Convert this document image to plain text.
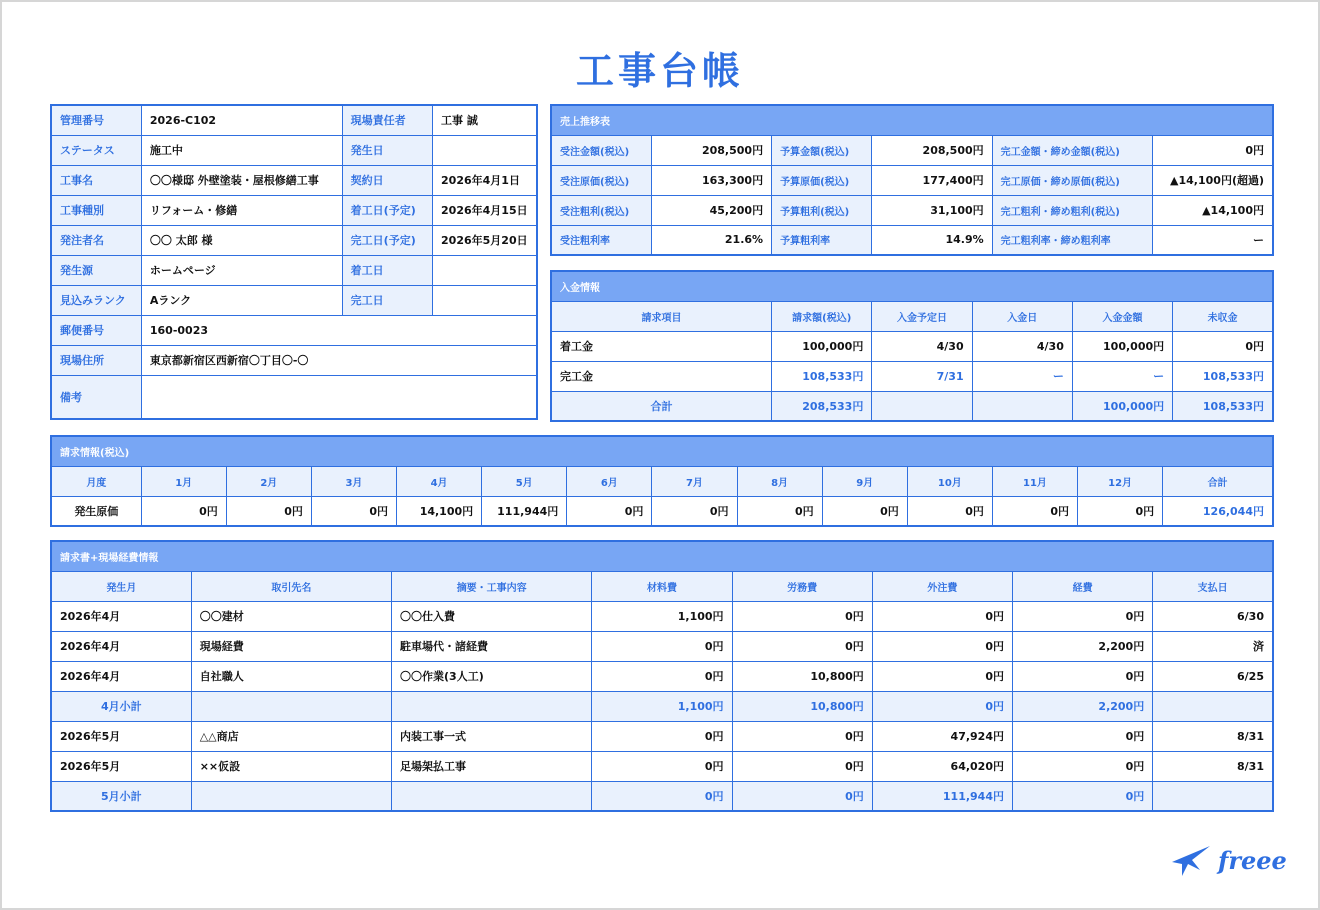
工事台帳
管理番号	2026-C102	現場責任者	工事 誠
ステータス	施工中	発生日	
工事名	〇〇様邸 外壁塗装・屋根修繕工事	契約日	2026年4月1日
工事種別	リフォーム・修繕	着工日(予定)	2026年4月15日
発注者名	〇〇 太郎 様	完工日(予定)	2026年5月20日
発生源	ホームページ	着工日	
見込みランク	Aランク	完工日	
郵便番号	160-0023		
現場住所	東京都新宿区西新宿〇丁目〇-〇		
備考			
売上推移表					
受注金額(税込)	208,500円	予算金額(税込)	208,500円	完工金額・締め金額(税込)	0円
受注原価(税込)	163,300円	予算原価(税込)	177,400円	完工原価・締め原価(税込)	▲14,100円(超過)
受注粗利(税込)	45,200円	予算粗利(税込)	31,100円	完工粗利・締め粗利(税込)	▲14,100円
受注粗利率	21.6%	予算粗利率	14.9%	完工粗利率・締め粗利率	ー
入金情報					
請求項目	請求額(税込)	入金予定日	入金日	入金金額	未収金
着工金	100,000円	4/30	4/30	100,000円	0円
完工金	108,533円	7/31	ー	ー	108,533円
合計	208,533円			100,000円	108,533円
請求情報(税込)													
月度	1月	2月	3月	4月	5月	6月	7月	8月	9月	10月	11月	12月	合計
発生原価	0円	0円	0円	14,100円	111,944円	0円	0円	0円	0円	0円	0円	0円	126,044円
請求書+現場経費情報							
発生月	取引先名	摘要・工事内容	材料費	労務費	外注費	経費	支払日
2026年4月	〇〇建材	〇〇仕入費	1,100円	0円	0円	0円	6/30
2026年4月	現場経費	駐車場代・諸経費	0円	0円	0円	2,200円	済
2026年4月	自社職人	〇〇作業(3人工)	0円	10,800円	0円	0円	6/25
4月小計			1,100円	10,800円	0円	2,200円	
2026年5月	△△商店	内装工事一式	0円	0円	47,924円	0円	8/31
2026年5月	××仮設	足場架払工事	0円	0円	64,020円	0円	8/31
5月小計			0円	0円	111,944円	0円	
freee
